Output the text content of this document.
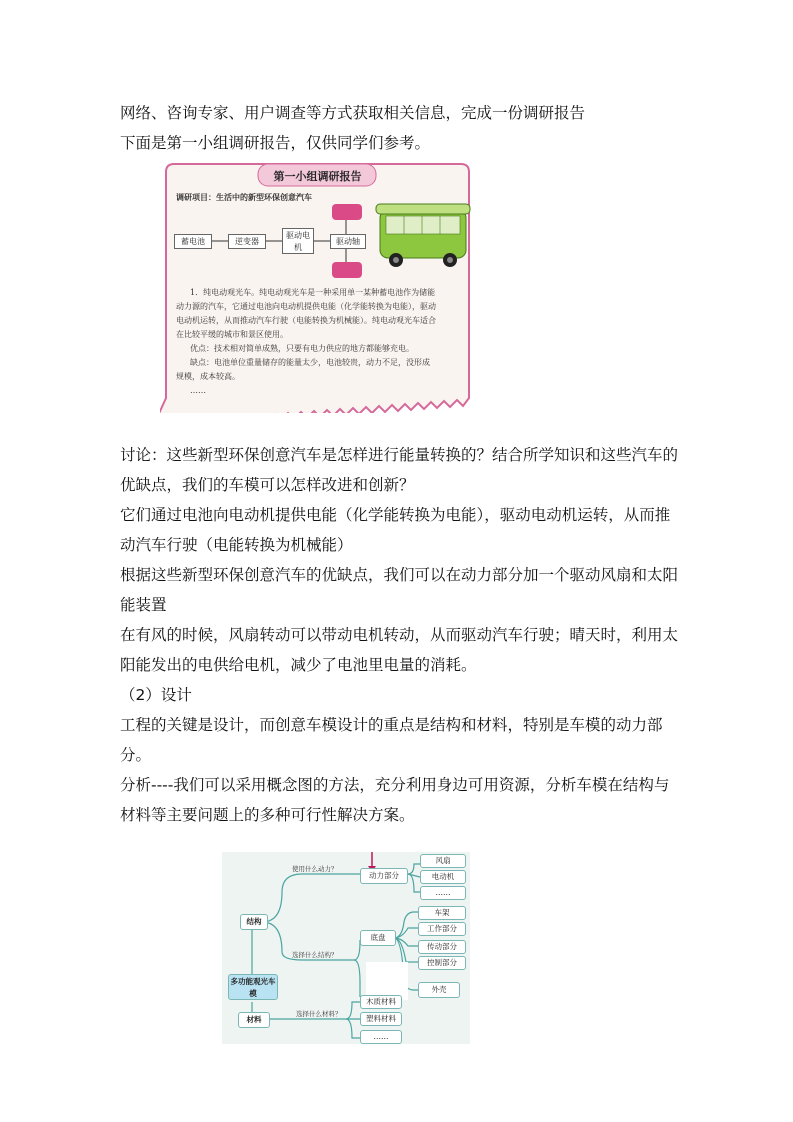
网络、咨询专家、用户调查等方式获取相关信息，完成一份调研报告

下面是第一小组调研报告，仅供同学们参考。

第一小组调研报告
调研项目：生活中的新型环保创意汽车
蓄电池	逆变器
驱动电机
驱动轴
1．纯电动观光车。纯电动观光车是一种采用单一某种蓄电池作为储能
动力源的汽车，它通过电池向电动机提供电能（化学能转换为电能），驱动
电动机运转，从而推动汽车行驶（电能转换为机械能）。纯电动观光车适合
在比较平缓的城市和景区使用。
优点：技术相对简单成熟，只要有电力供应的地方都能够充电。
缺点：电池单位重量储存的能量太少，电池较贵，动力不足，没形成
规模，成本较高。
……

讨论：这些新型环保创意汽车是怎样进行能量转换的？结合所学知识和这些汽车的优缺点，我们的车模可以怎样改进和创新？

它们通过电池向电动机提供电能（化学能转换为电能），驱动电动机运转，从而推动汽车行驶（电能转换为机械能）

根据这些新型环保创意汽车的优缺点，我们可以在动力部分加一个驱动风扇和太阳能装置

在有风的时候，风扇转动可以带动电机转动，从而驱动汽车行驶；晴天时，利用太阳能发出的电供给电机，减少了电池里电量的消耗。

（2）设计

工程的关键是设计，而创意车模设计的重点是结构和材料，特别是车模的动力部分。

分析----我们可以采用概念图的方法，充分利用身边可用资源，分析车模在结构与材料等主要问题上的多种可行性解决方案。

使用什么动力？
选择什么结构？
选择什么材料？
结构
多功能观光车模
材料
动力部分
风扇
电动机
……
底盘
车架
工作部分
传动部分
控制部分
外壳
木质材料
塑料材料
……
